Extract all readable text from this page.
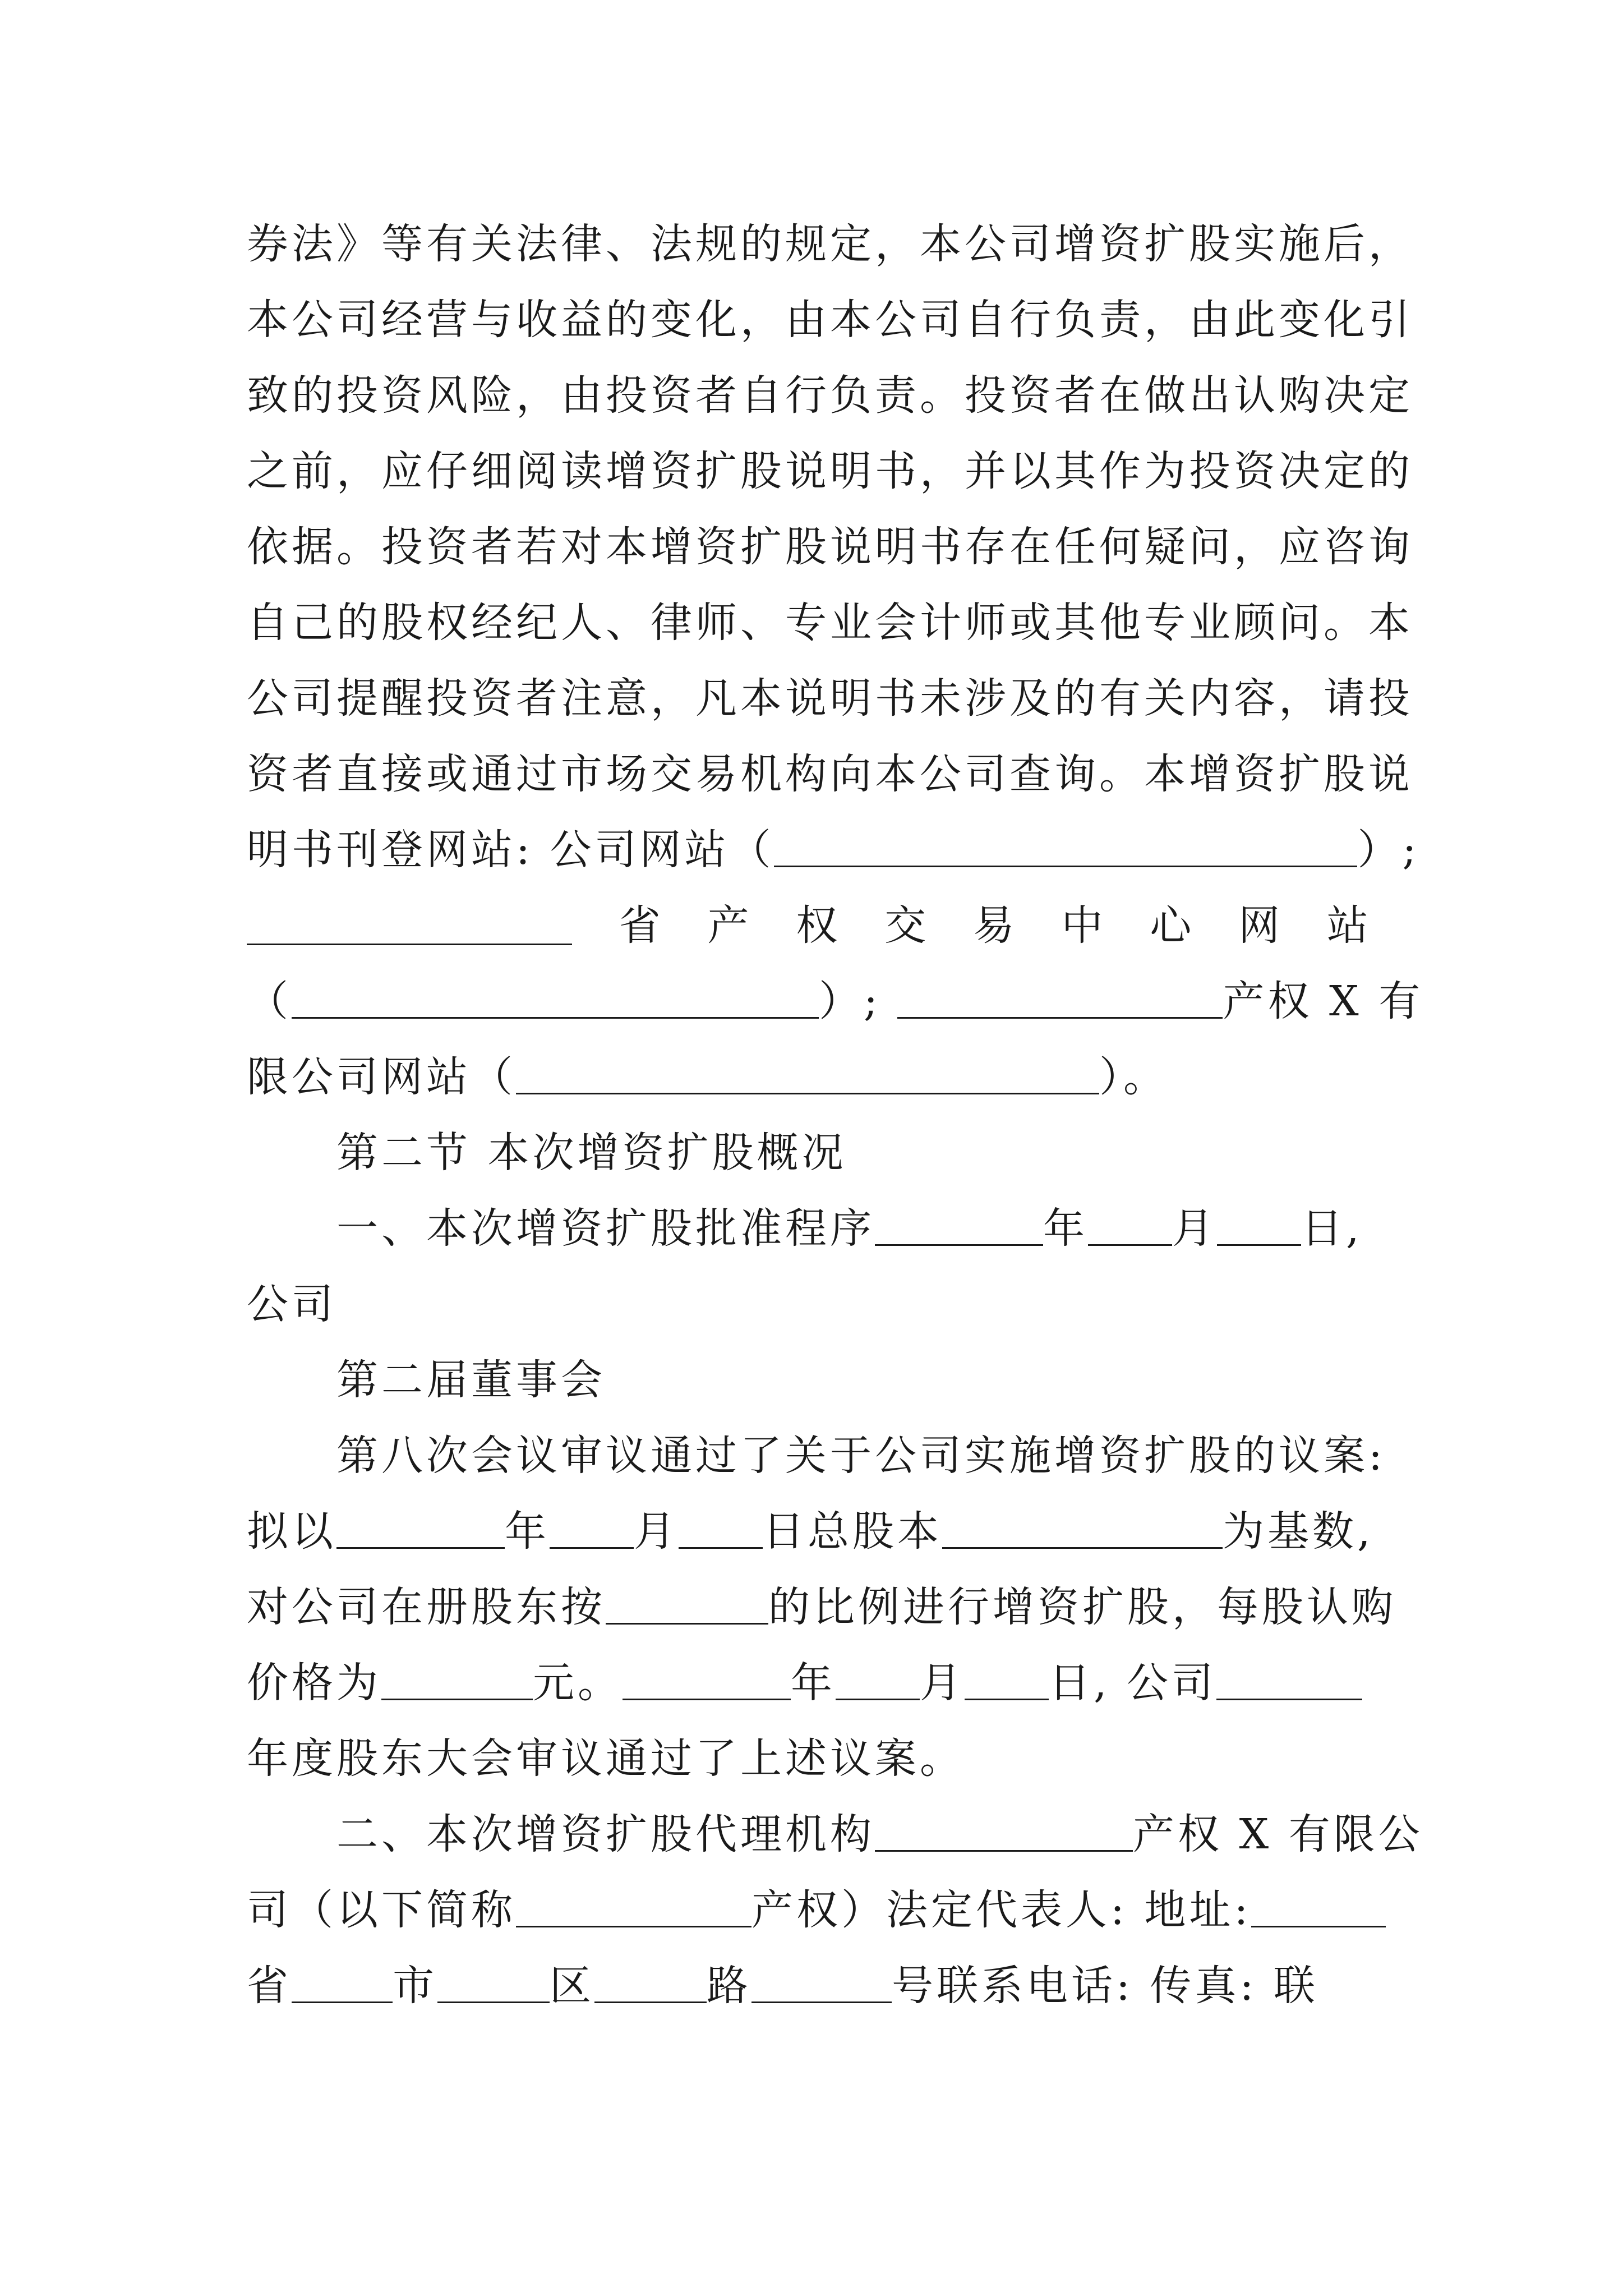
券法》等有关法律、法规的规定，本公司增资扩股实施后，
本公司经营与收益的变化，由本公司自行负责，由此变化引
致的投资风险，由投资者自行负责。投资者在做出认购决定
之前，应仔细阅读增资扩股说明书，并以其作为投资决定的
依据。投资者若对本增资扩股说明书存在任何疑问，应咨询
自己的股权经纪人、律师、专业会计师或其他专业顾问。本
公司提醒投资者注意，凡本说明书未涉及的有关内容，请投
资者直接或通过市场交易机构向本公司查询。本增资扩股说
明书刊登网站: 公司网站（	）;
省 产 权 交 易 中 心 网 站
（	）;	产权 X 有
限公司网站（	）。
第二节 本次增资扩股概况
一、本次增资扩股批准程序	年 月 日,
公司
第二届董事会
第八次会议审议通过了关于公司实施增资扩股的议案:
拟以	年 月 日总股本	为基数,
对公司在册股东按	的比例进行增资扩股，每股认购
价格为	元。	年 月 日, 公司
年度股东大会审议通过了上述议案。
二、本次增资扩股代理机构	产权 X 有限公
司（以下简称	产权）法定代表人: 地址:
省 市	区	路	号联系电话: 传真: 联
